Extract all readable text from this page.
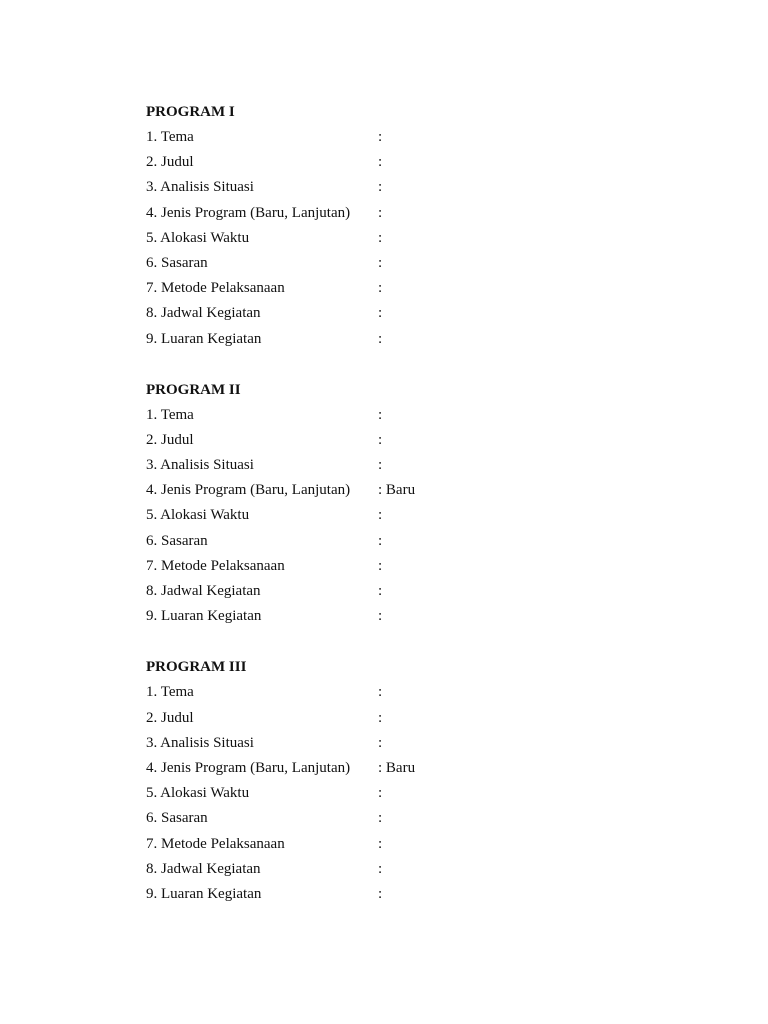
PROGRAM I
1. Tema	:
2. Judul	:
3. Analisis Situasi	:
4. Jenis Program (Baru, Lanjutan) :
5. Alokasi Waktu	:
6. Sasaran	:
7. Metode Pelaksanaan	:
8. Jadwal Kegiatan	:
9. Luaran Kegiatan	:
PROGRAM II
1. Tema	:
2. Judul	:
3. Analisis Situasi	:
4. Jenis Program (Baru, Lanjutan) : Baru
5. Alokasi Waktu	:
6. Sasaran	:
7. Metode Pelaksanaan	:
8. Jadwal Kegiatan	:
9. Luaran Kegiatan	:
PROGRAM III
1. Tema	:
2. Judul	:
3. Analisis Situasi	:
4. Jenis Program (Baru, Lanjutan) : Baru
5. Alokasi Waktu	:
6. Sasaran	:
7. Metode Pelaksanaan	:
8. Jadwal Kegiatan	:
9. Luaran Kegiatan	:
